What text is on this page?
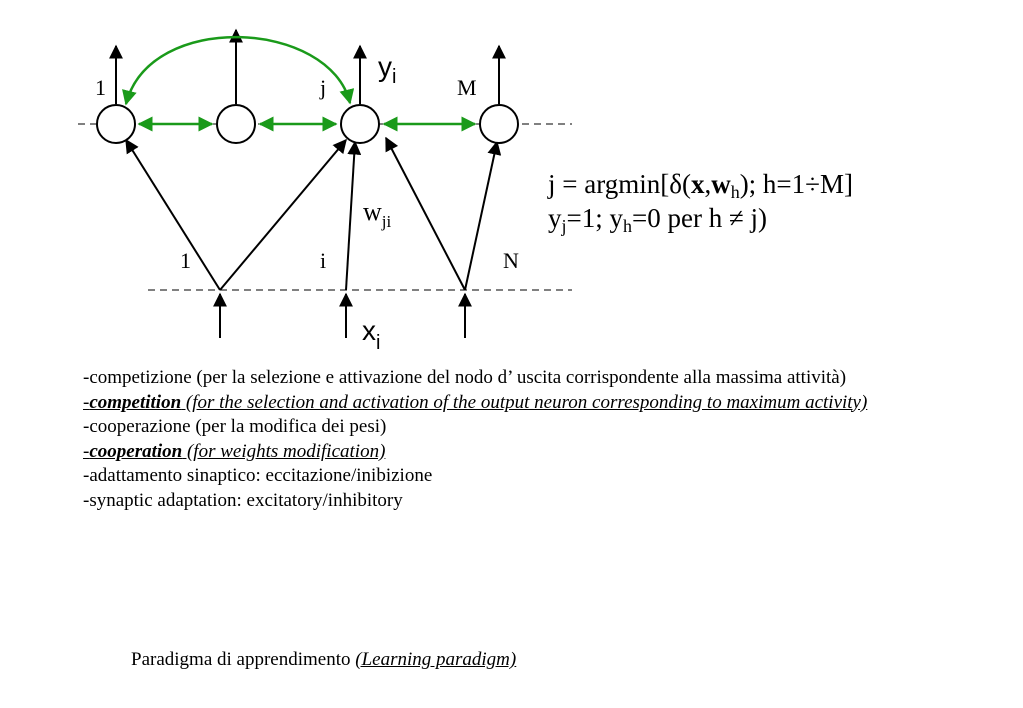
1	j	M
$y_i$
$w_{ji}$
1	i	N
$x_i$
$j = argmin[\delta(x,w_h)$; h=1÷M]
$y_j=1$; $y_h=0$ per h ≠ j)

-competizione (per la selezione e attivazione del nodo d’ uscita corrispondente alla massima attività)

-competition (for the selection and activation of the output neuron corresponding to maximum activity)

-cooperazione (per la modifica dei pesi)

-cooperation (for weights modification)

-adattamento sinaptico: eccitazione/inibizione

-synaptic adaptation: excitatory/inhibitory

Paradigma di apprendimento (Learning paradigm)
